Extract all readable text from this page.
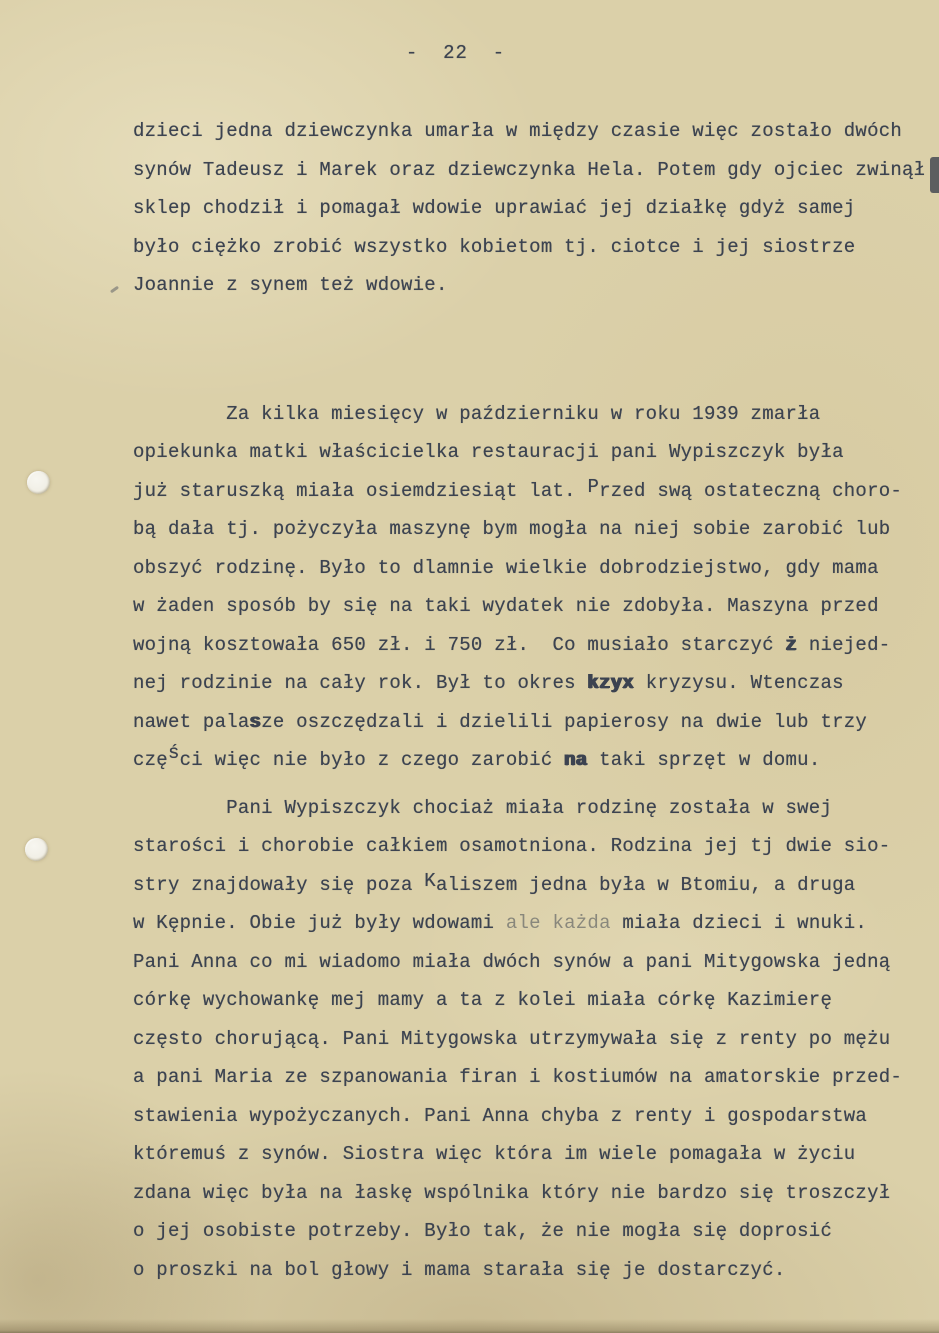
-  22  -
dzieci jedna dziewczynka umarła w między czasie więc zostało dwóch
synów Tadeusz i Marek oraz dziewczynka Hela. Potem gdy ojciec zwinął
sklep chodził i pomagał wdowie uprawiać jej działkę gdyż samej
było ciężko zrobić wszystko kobietom tj. ciotce i jej siostrze
Joannie z synem też wdowie.
Za kilka miesięcy w październiku w roku 1939 zmarła
opiekunka matki właścicielka restauracji pani Wypiszczyk była
już staruszką miała osiemdziesiąt lat. Przed swą ostateczną choro-
bą dała tj. pożyczyła maszynę bym mogła na niej sobie zarobić lub
obszyć rodzinę. Było to dlamnie wielkie dobrodziejstwo, gdy mama
w żaden sposób by się na taki wydatek nie zdobyła. Maszyna przed
wojną kosztowała 650 zł. i 750 zł.  Co musiało starczyć ż niejed-
nej rodzinie na cały rok. Był to okres kzyx kryzysu. Wtenczas
nawet palasze oszczędzali i dzielili papierosy na dwie lub trzy
części więc nie było z czego zarobić na taki sprzęt w domu.
Pani Wypiszczyk chociaż miała rodzinę została w swej
starości i chorobie całkiem osamotniona. Rodzina jej tj dwie sio-
stry znajdowały się poza Kaliszem jedna była w Btomiu, a druga
w Kępnie. Obie już były wdowami ale każda miała dzieci i wnuki.
Pani Anna co mi wiadomo miała dwóch synów a pani Mitygowska jedną
córkę wychowankę mej mamy a ta z kolei miała córkę Kazimierę
często chorującą. Pani Mitygowska utrzymywała się z renty po mężu
a pani Maria ze szpanowania firan i kostiumów na amatorskie przed-
stawienia wypożyczanych. Pani Anna chyba z renty i gospodarstwa
któremuś z synów. Siostra więc która im wiele pomagała w życiu
zdana więc była na łaskę wspólnika który nie bardzo się troszczył
o jej osobiste potrzeby. Było tak, że nie mogła się doprosić
o proszki na bol głowy i mama starała się je dostarczyć.
